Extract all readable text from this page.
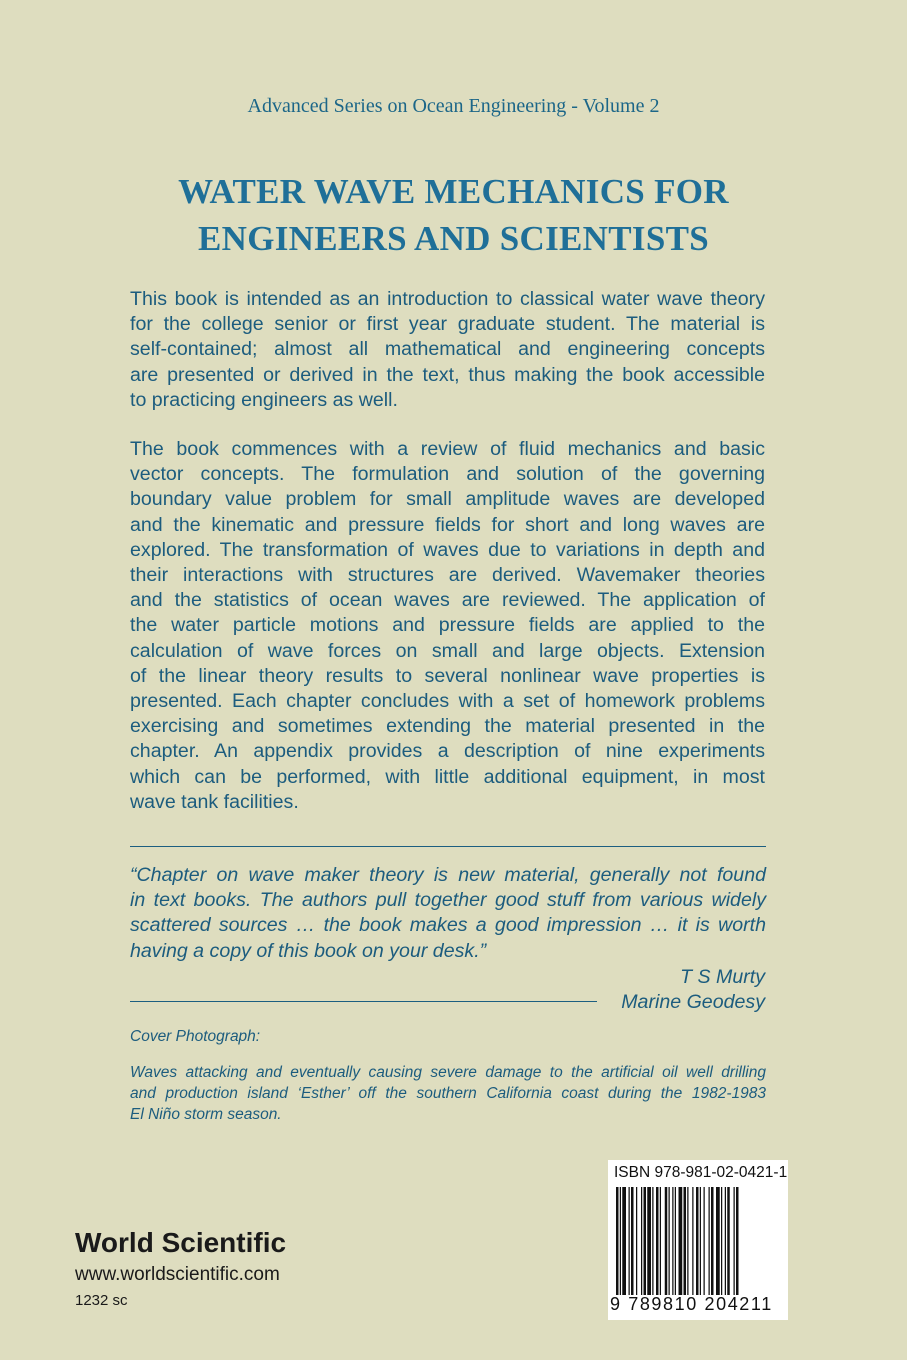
Advanced Series on Ocean Engineering - Volume 2
WATER WAVE MECHANICS FOR
ENGINEERS AND SCIENTISTS
This book is intended as an introduction to classical water wave theory
for the college senior or first year graduate student. The material is
self-contained; almost all mathematical and engineering concepts
are presented or derived in the text, thus making the book accessible
to practicing engineers as well.
The book commences with a review of fluid mechanics and basic
vector concepts. The formulation and solution of the governing
boundary value problem for small amplitude waves are developed
and the kinematic and pressure fields for short and long waves are
explored. The transformation of waves due to variations in depth and
their interactions with structures are derived. Wavemaker theories
and the statistics of ocean waves are reviewed. The application of
the water particle motions and pressure fields are applied to the
calculation of wave forces on small and large objects. Extension
of the linear theory results to several nonlinear wave properties is
presented. Each chapter concludes with a set of homework problems
exercising and sometimes extending the material presented in the
chapter. An appendix provides a description of nine experiments
which can be performed, with little additional equipment, in most
wave tank facilities.
“Chapter on wave maker theory is new material, generally not found
in text books. The authors pull together good stuff from various widely
scattered sources … the book makes a good impression … it is worth
having a copy of this book on your desk.”
T S Murty
Marine Geodesy
Cover Photograph:
Waves attacking and eventually causing severe damage to the artificial oil well drilling
and production island ‘Esther’ off the southern California coast during the 1982-1983
El Niño storm season.
World Scientific
www.worldscientific.com
1232 sc
ISBN 978-981-02-0421-1
9 789810 204211
